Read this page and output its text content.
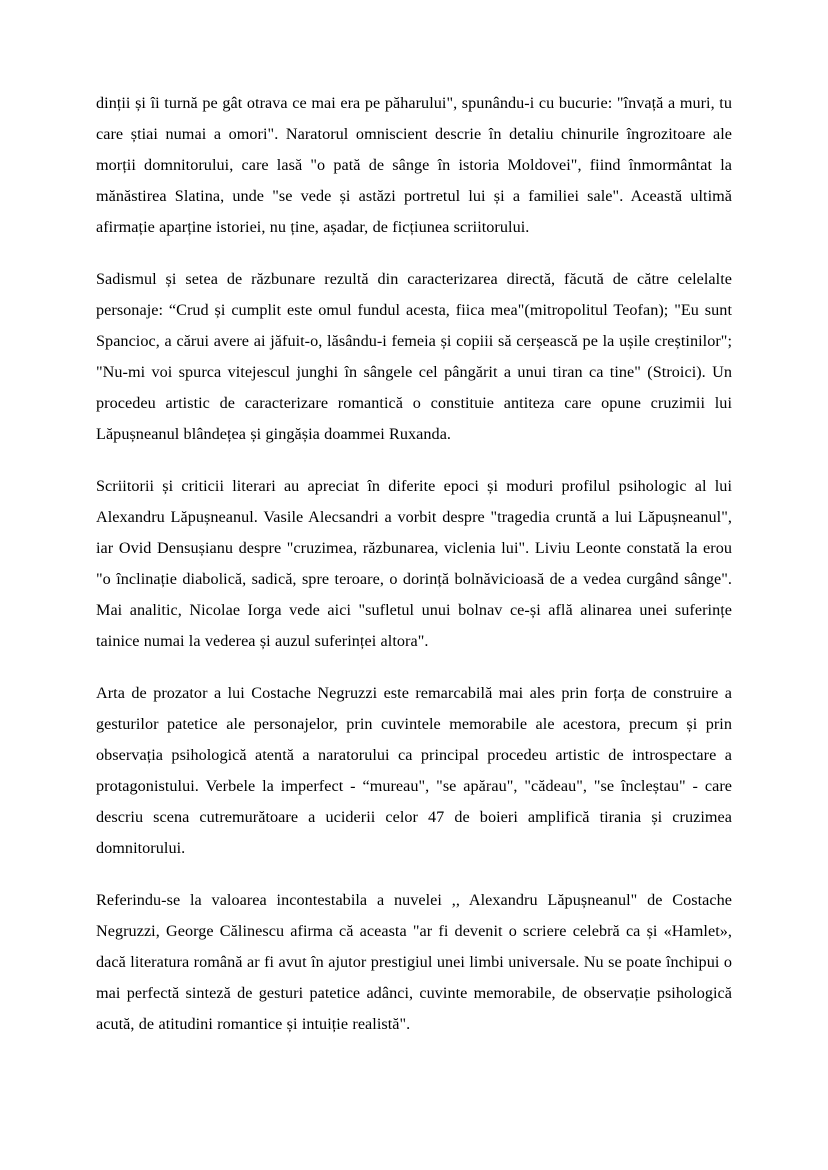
dinții și îi turnă pe gât otrava ce mai era pe păharului", spunându-i cu bucurie: "învață a muri, tu care știai numai a omori". Naratorul omniscient descrie în detaliu chinurile îngrozitoare ale morții domnitorului, care lasă "o pată de sânge în istoria Moldovei", fiind înmormântat la mănăstirea Slatina, unde "se vede și astăzi portretul lui și a familiei sale". Această ultimă afirmație aparține istoriei, nu ține, așadar, de ficțiunea scriitorului.

Sadismul și setea de răzbunare rezultă din caracterizarea directă, făcută de către celelalte personaje: “Crud și cumplit este omul fundul acesta, fiica mea"(mitropolitul Teofan); "Eu sunt Spancioc, a cărui avere ai jăfuit-o, lăsându-i femeia și copiii să cerșească pe la ușile creștinilor"; "Nu-mi voi spurca vitejescul junghi în sângele cel pângărit a unui tiran ca tine" (Stroici). Un procedeu artistic de caracterizare romantică o constituie antiteza care opune cruzimii lui Lăpușneanul blândețea și gingășia doammei Ruxanda.

Scriitorii și criticii literari au apreciat în diferite epoci și moduri profilul psihologic al lui Alexandru Lăpușneanul. Vasile Alecsandri a vorbit despre "tragedia cruntă a lui Lăpușneanul", iar Ovid Densușianu despre "cruzimea, răzbunarea, viclenia lui". Liviu Leonte constată la erou "o înclinație diabolică, sadică, spre teroare, o dorință bolnăvicioasă de a vedea curgând sânge". Mai analitic, Nicolae Iorga vede aici "sufletul unui bolnav ce-și află alinarea unei suferințe tainice numai la vederea și auzul suferinței altora".

Arta de prozator a lui Costache Negruzzi este remarcabilă mai ales prin forța de construire a gesturilor patetice ale personajelor, prin cuvintele memorabile ale acestora, precum și prin observația psihologică atentă a naratorului ca principal procedeu artistic de introspectare a protagonistului. Verbele la imperfect - “mureau", "se apărau", "cădeau", "se încleștau" - care descriu scena cutremurătoare a uciderii celor 47 de boieri amplifică tirania și cruzimea domnitorului.

Referindu-se la valoarea incontestabila a nuvelei ,, Alexandru Lăpușneanul" de Costache Negruzzi, George Călinescu afirma că aceasta "ar fi devenit o scriere celebră ca și «Hamlet», dacă literatura română ar fi avut în ajutor prestigiul unei limbi universale. Nu se poate închipui o mai perfectă sinteză de gesturi patetice adânci, cuvinte memorabile, de observație psihologică acută, de atitudini romantice și intuiție realistă".
